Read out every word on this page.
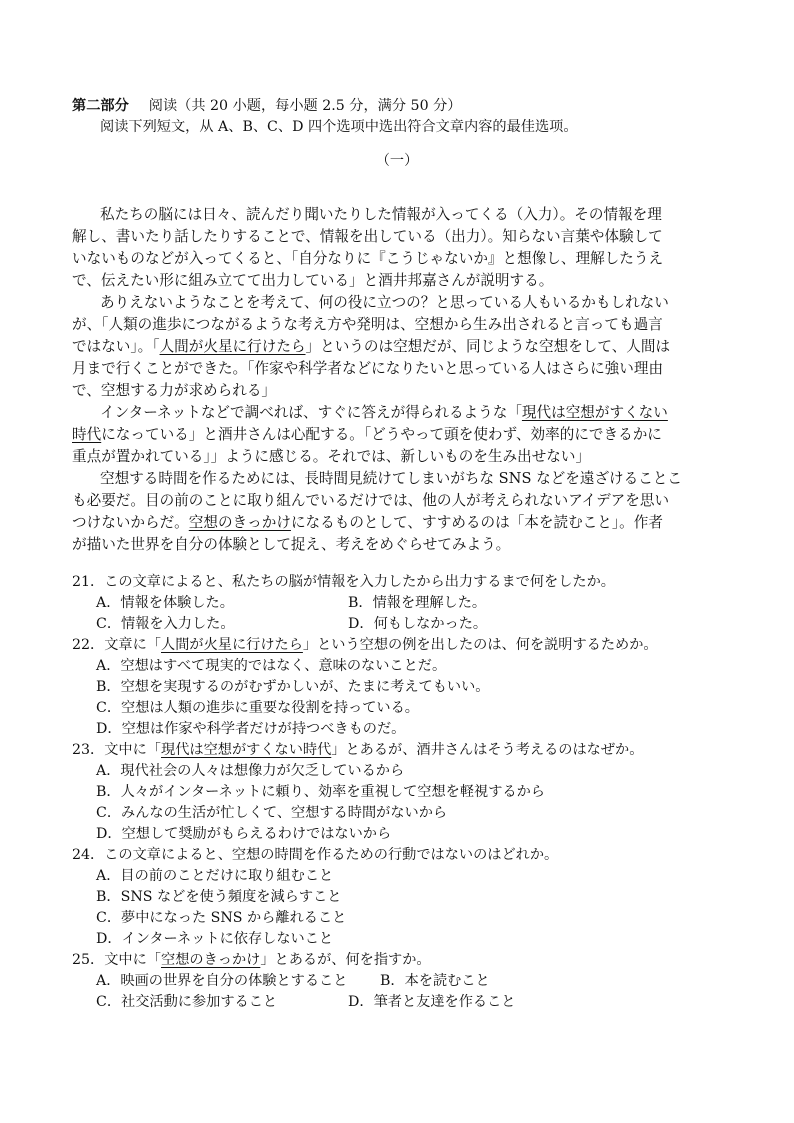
第二部分 阅读（共 20 小题，每小题 2.5 分，满分 50 分）
阅读下列短文，从 A、B、C、D 四个选项中选出符合文章内容的最佳选项。
（一）
私たちの脳には日々、読んだり聞いたりした情報が入ってくる（入力）。その情報を理
解し、書いたり話したりすることで、情報を出している（出力）。知らない言葉や体験して
いないものなどが入ってくると、「自分なりに『こうじゃないか』と想像し、理解したうえ
で、伝えたい形に組み立てて出力している」と酒井邦嘉さんが説明する。
ありえないようなことを考えて、何の役に立つの？と思っている人もいるかもしれない
が、「人類の進歩につながるような考え方や発明は、空想から生み出されると言っても過言
ではない」。「人間が火星に行けたら」というのは空想だが、同じような空想をして、人間は
月まで行くことができた。「作家や科学者などになりたいと思っている人はさらに強い理由
で、空想する力が求められる」
インターネットなどで調べれば、すぐに答えが得られるような「現代は空想がすくない
時代になっている」と酒井さんは心配する。「どうやって頭を使わず、効率的にできるかに
重点が置かれている」」ように感じる。それでは、新しいものを生み出せない」
空想する時間を作るためには、長時間見続けてしまいがちな SNS などを遠ざけることこ
も必要だ。目の前のことに取り組んでいるだけでは、他の人が考えられないアイデアを思い
つけないからだ。空想のきっかけになるものとして、すすめるのは「本を読むこと」。作者
が描いた世界を自分の体験として捉え、考えをめぐらせてみよう。
21．この文章によると、私たちの脳が情報を入力したから出力するまで何をしたか。
A．情報を体験した。	B．情報を理解した。
C．情報を入力した。	D．何もしなかった。
22．文章に「人間が火星に行けたら」という空想の例を出したのは、何を説明するためか。
A．空想はすべて現実的ではなく、意味のないことだ。
B．空想を実現するのがむずかしいが、たまに考えてもいい。
C．空想は人類の進歩に重要な役割を持っている。
D．空想は作家や科学者だけが持つべきものだ。
23．文中に「現代は空想がすくない時代」とあるが、酒井さんはそう考えるのはなぜか。
A．現代社会の人々は想像力が欠乏しているから
B．人々がインターネットに頼り、効率を重視して空想を軽視するから
C．みんなの生活が忙しくて、空想する時間がないから
D．空想して奨励がもらえるわけではないから
24．この文章によると、空想の時間を作るための行動ではないのはどれか。
A．目の前のことだけに取り組むこと
B．SNS などを使う頻度を減らすこと
C．夢中になった SNS から離れること
D．インターネットに依存しないこと
25．文中に「空想のきっかけ」とあるが、何を指すか。
A．映画の世界を自分の体験とすること B．本を読むこと
C．社交活動に参加すること	D．筆者と友達を作ること
